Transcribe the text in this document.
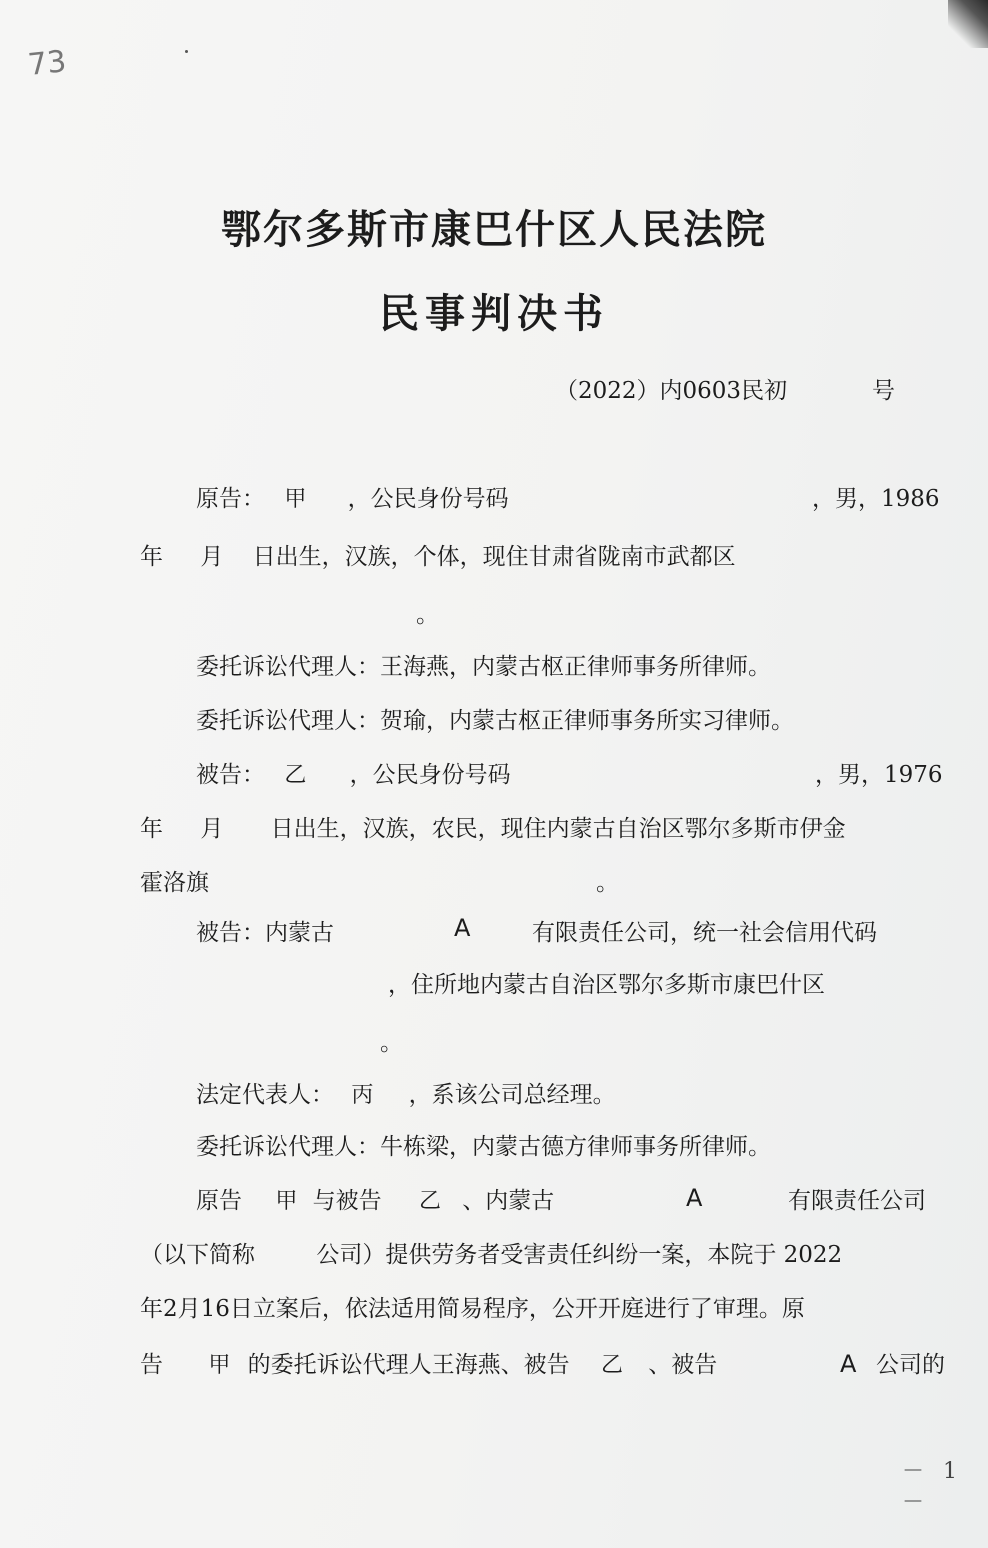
73
鄂尔多斯市康巴什区人民法院
民事判决书
（2022）内0603民初	号
原告： 甲 ，公民身份号码	，男，1986
年 月 日出生，汉族，个体，现住甘肃省陇南市武都区
。
委托诉讼代理人：王海燕，内蒙古枢正律师事务所律师。
委托诉讼代理人：贺瑜，内蒙古枢正律师事务所实习律师。
被告： 乙 ，公民身份号码	，男，1976
年 月 日出生，汉族，农民，现住内蒙古自治区鄂尔多斯市伊金
霍洛旗	。
被告：内蒙古	A	有限责任公司，统一社会信用代码
，住所地内蒙古自治区鄂尔多斯市康巴什区
。
法定代表人： 丙 ，系该公司总经理。
委托诉讼代理人：牛栋梁，内蒙古德方律师事务所律师。
原告 甲 与被告 乙 、内蒙古	A	有限责任公司
（以下简称	公司）提供劳务者受害责任纠纷一案，本院于 2022
年2月16日立案后，依法适用简易程序，公开开庭进行了审理。原
告 甲 的委托诉讼代理人王海燕、被告 乙 、被告	A 公司的
－ 1 －
